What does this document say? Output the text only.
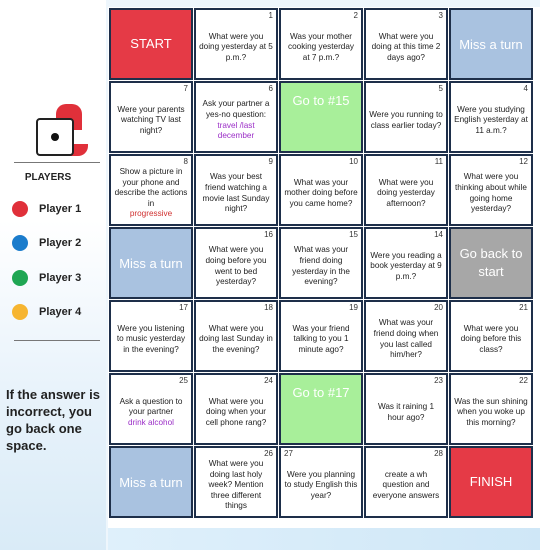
PLAYERS
Player 1
Player 2
Player 3
Player 4
If the answer is incorrect, you go back one space.
START
1
What were you doing yesterday at 5 p.m.?
2
Was your mother cooking yesterday at 7 p.m.?
3
What were you doing at this time 2 days ago?
Miss a turn
7
Were your parents watching TV last night?
6
Ask your partner a yes-no question:
travel /last december
Go to #15
5
Were you running to class earlier today?
4
Were you studying English yesterday at 11 a.m.?
8
Show a picture in your phone and describe the actions in
progressive
9
Was your best friend watching a movie last Sunday night?
10
What was your mother doing before you came home?
11
What were you doing yesterday afternoon?
12
What were you thinking about while going home yesterday?
Miss a turn
16
What were you doing before you went to bed yesterday?
15
What was your friend doing yesterday in the evening?
14
Were you reading a book yesterday at 9 p.m.?
Go back to start
17
Were you listening to music yesterday in the evening?
18
What were you doing last Sunday in the evening?
19
Was your friend talking to you 1 minute ago?
20
What was your friend doing when you last called him/her?
21
What were you doing before this class?
25
Ask a question to your partner
drink alcohol
24
What were you doing when your cell phone rang?
Go to #17
23
Was it raining 1 hour ago?
22
Was the sun shining when you woke up this morning?
Miss a turn
26
What were you doing last holy week? Mention three different things
27
Were you planning to study English this year?
28
create a wh question and everyone answers
FINISH
